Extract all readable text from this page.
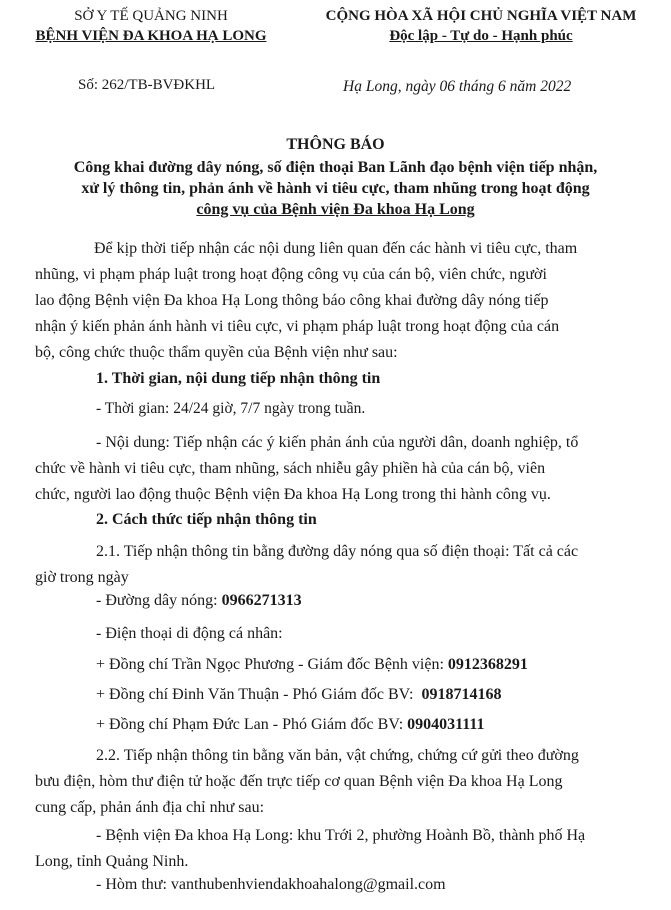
SỞ Y TẾ QUẢNG NINH
BỆNH VIỆN ĐA KHOA HẠ LONG
Số: 262/TB-BVĐKHL
CỘNG HÒA XÃ HỘI CHỦ NGHĨA VIỆT NAM
Độc lập - Tự do - Hạnh phúc
Hạ Long, ngày 06 tháng 6 năm 2022
THÔNG BÁO
Công khai đường dây nóng, số điện thoại Ban Lãnh đạo bệnh viện tiếp nhận,
xử lý thông tin, phản ánh về hành vi tiêu cực, tham nhũng trong hoạt động
công vụ của Bệnh viện Đa khoa Hạ Long
Để kịp thời tiếp nhận các nội dung liên quan đến các hành vi tiêu cực, tham
nhũng, vi phạm pháp luật trong hoạt động công vụ của cán bộ, viên chức, người
lao động Bệnh viện Đa khoa Hạ Long thông báo công khai đường dây nóng tiếp
nhận ý kiến phản ánh hành vi tiêu cực, vi phạm pháp luật trong hoạt động của cán
bộ, công chức thuộc thẩm quyền của Bệnh viện như sau:
1. Thời gian, nội dung tiếp nhận thông tin
- Thời gian: 24/24 giờ, 7/7 ngày trong tuần.
- Nội dung: Tiếp nhận các ý kiến phản ánh của người dân, doanh nghiệp, tổ
chức về hành vi tiêu cực, tham nhũng, sách nhiễu gây phiền hà của cán bộ, viên
chức, người lao động thuộc Bệnh viện Đa khoa Hạ Long trong thi hành công vụ.
2. Cách thức tiếp nhận thông tin
2.1. Tiếp nhận thông tin bằng đường dây nóng qua số điện thoại: Tất cả các
giờ trong ngày
- Đường dây nóng: 0966271313
- Điện thoại di động cá nhân:
+ Đồng chí Trần Ngọc Phương - Giám đốc Bệnh viện: 0912368291
+ Đồng chí Đinh Văn Thuận - Phó Giám đốc BV:  0918714168
+ Đồng chí Phạm Đức Lan - Phó Giám đốc BV: 0904031111
2.2. Tiếp nhận thông tin bằng văn bản, vật chứng, chứng cứ gửi theo đường
bưu điện, hòm thư điện tử hoặc đến trực tiếp cơ quan Bệnh viện Đa khoa Hạ Long
cung cấp, phản ánh địa chỉ như sau:
- Bệnh viện Đa khoa Hạ Long: khu Trới 2, phường Hoành Bồ, thành phố Hạ
Long, tỉnh Quảng Ninh.
- Hòm thư: vanthubenhviendakhoahalong@gmail.com
